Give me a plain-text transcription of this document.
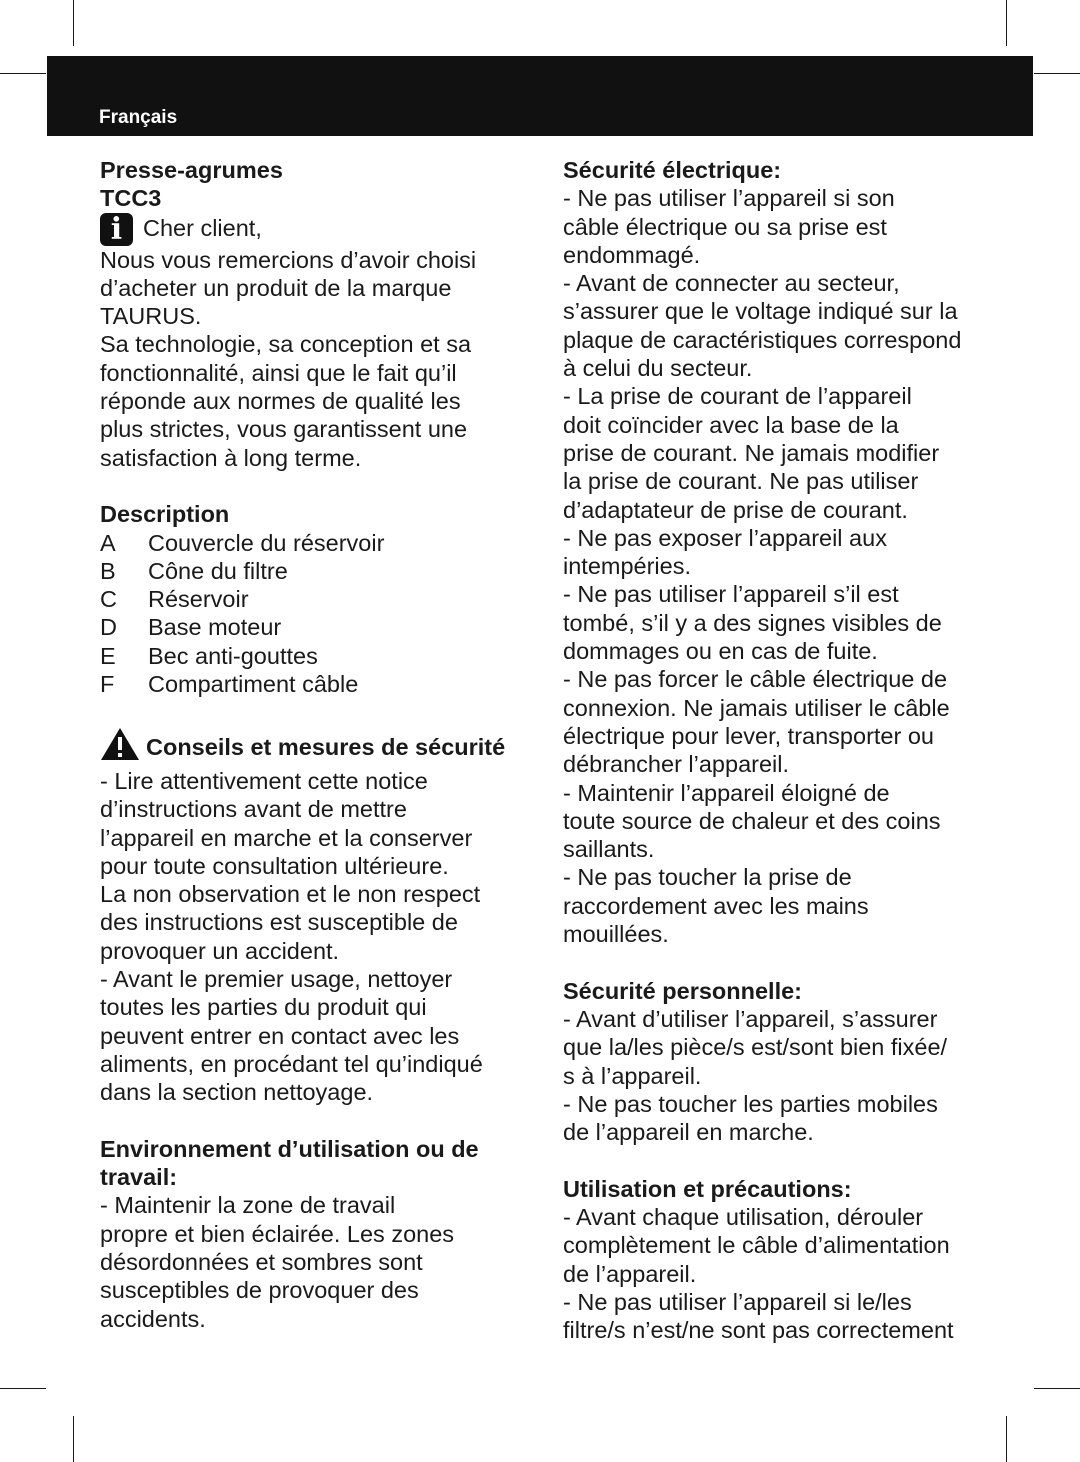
Français
Presse-agrumes
TCC3
i Cher client,
Nous vous remercions d’avoir choisi
d’acheter un produit de la marque
TAURUS.
Sa technologie, sa conception et sa
fonctionnalité, ainsi que le fait qu’il
réponde aux normes de qualité les
plus strictes, vous garantissent une
satisfaction à long terme.
Description
A	Couvercle du réservoir
B	Cône du filtre
C	Réservoir
D	Base moteur
E	Bec anti-gouttes
F	Compartiment câble
Conseils et mesures de sécurité
- Lire attentivement cette notice
d’instructions avant de mettre
l’appareil en marche et la conserver
pour toute consultation ultérieure.
La non observation et le non respect
des instructions est susceptible de
provoquer un accident.
- Avant le premier usage, nettoyer
toutes les parties du produit qui
peuvent entrer en contact avec les
aliments, en procédant tel qu’indiqué
dans la section nettoyage.
Environnement d’utilisation ou de
travail:
- Maintenir la zone de travail
propre et bien éclairée. Les zones
désordonnées et sombres sont
susceptibles de provoquer des
accidents.
Sécurité électrique:
- Ne pas utiliser l’appareil si son
câble électrique ou sa prise est
endommagé.
- Avant de connecter au secteur,
s’assurer que le voltage indiqué sur la
plaque de caractéristiques correspond
à celui du secteur.
- La prise de courant de l’appareil
doit coïncider avec la base de la
prise de courant. Ne jamais modifier
la prise de courant. Ne pas utiliser
d’adaptateur de prise de courant.
- Ne pas exposer l’appareil aux
intempéries.
- Ne pas utiliser l’appareil s’il est
tombé, s’il y a des signes visibles de
dommages ou en cas de fuite.
- Ne pas forcer le câble électrique de
connexion. Ne jamais utiliser le câble
électrique pour lever, transporter ou
débrancher l’appareil.
- Maintenir l’appareil éloigné de
toute source de chaleur et des coins
saillants.
- Ne pas toucher la prise de
raccordement avec les mains
mouillées.
Sécurité personnelle:
- Avant d’utiliser l’appareil, s’assurer
que la/les pièce/s est/sont bien fixée/
s à l’appareil.
- Ne pas toucher les parties mobiles
de l’appareil en marche.
Utilisation et précautions:
- Avant chaque utilisation, dérouler
complètement le câble d’alimentation
de l’appareil.
- Ne pas utiliser l’appareil si le/les
filtre/s n’est/ne sont pas correctement
